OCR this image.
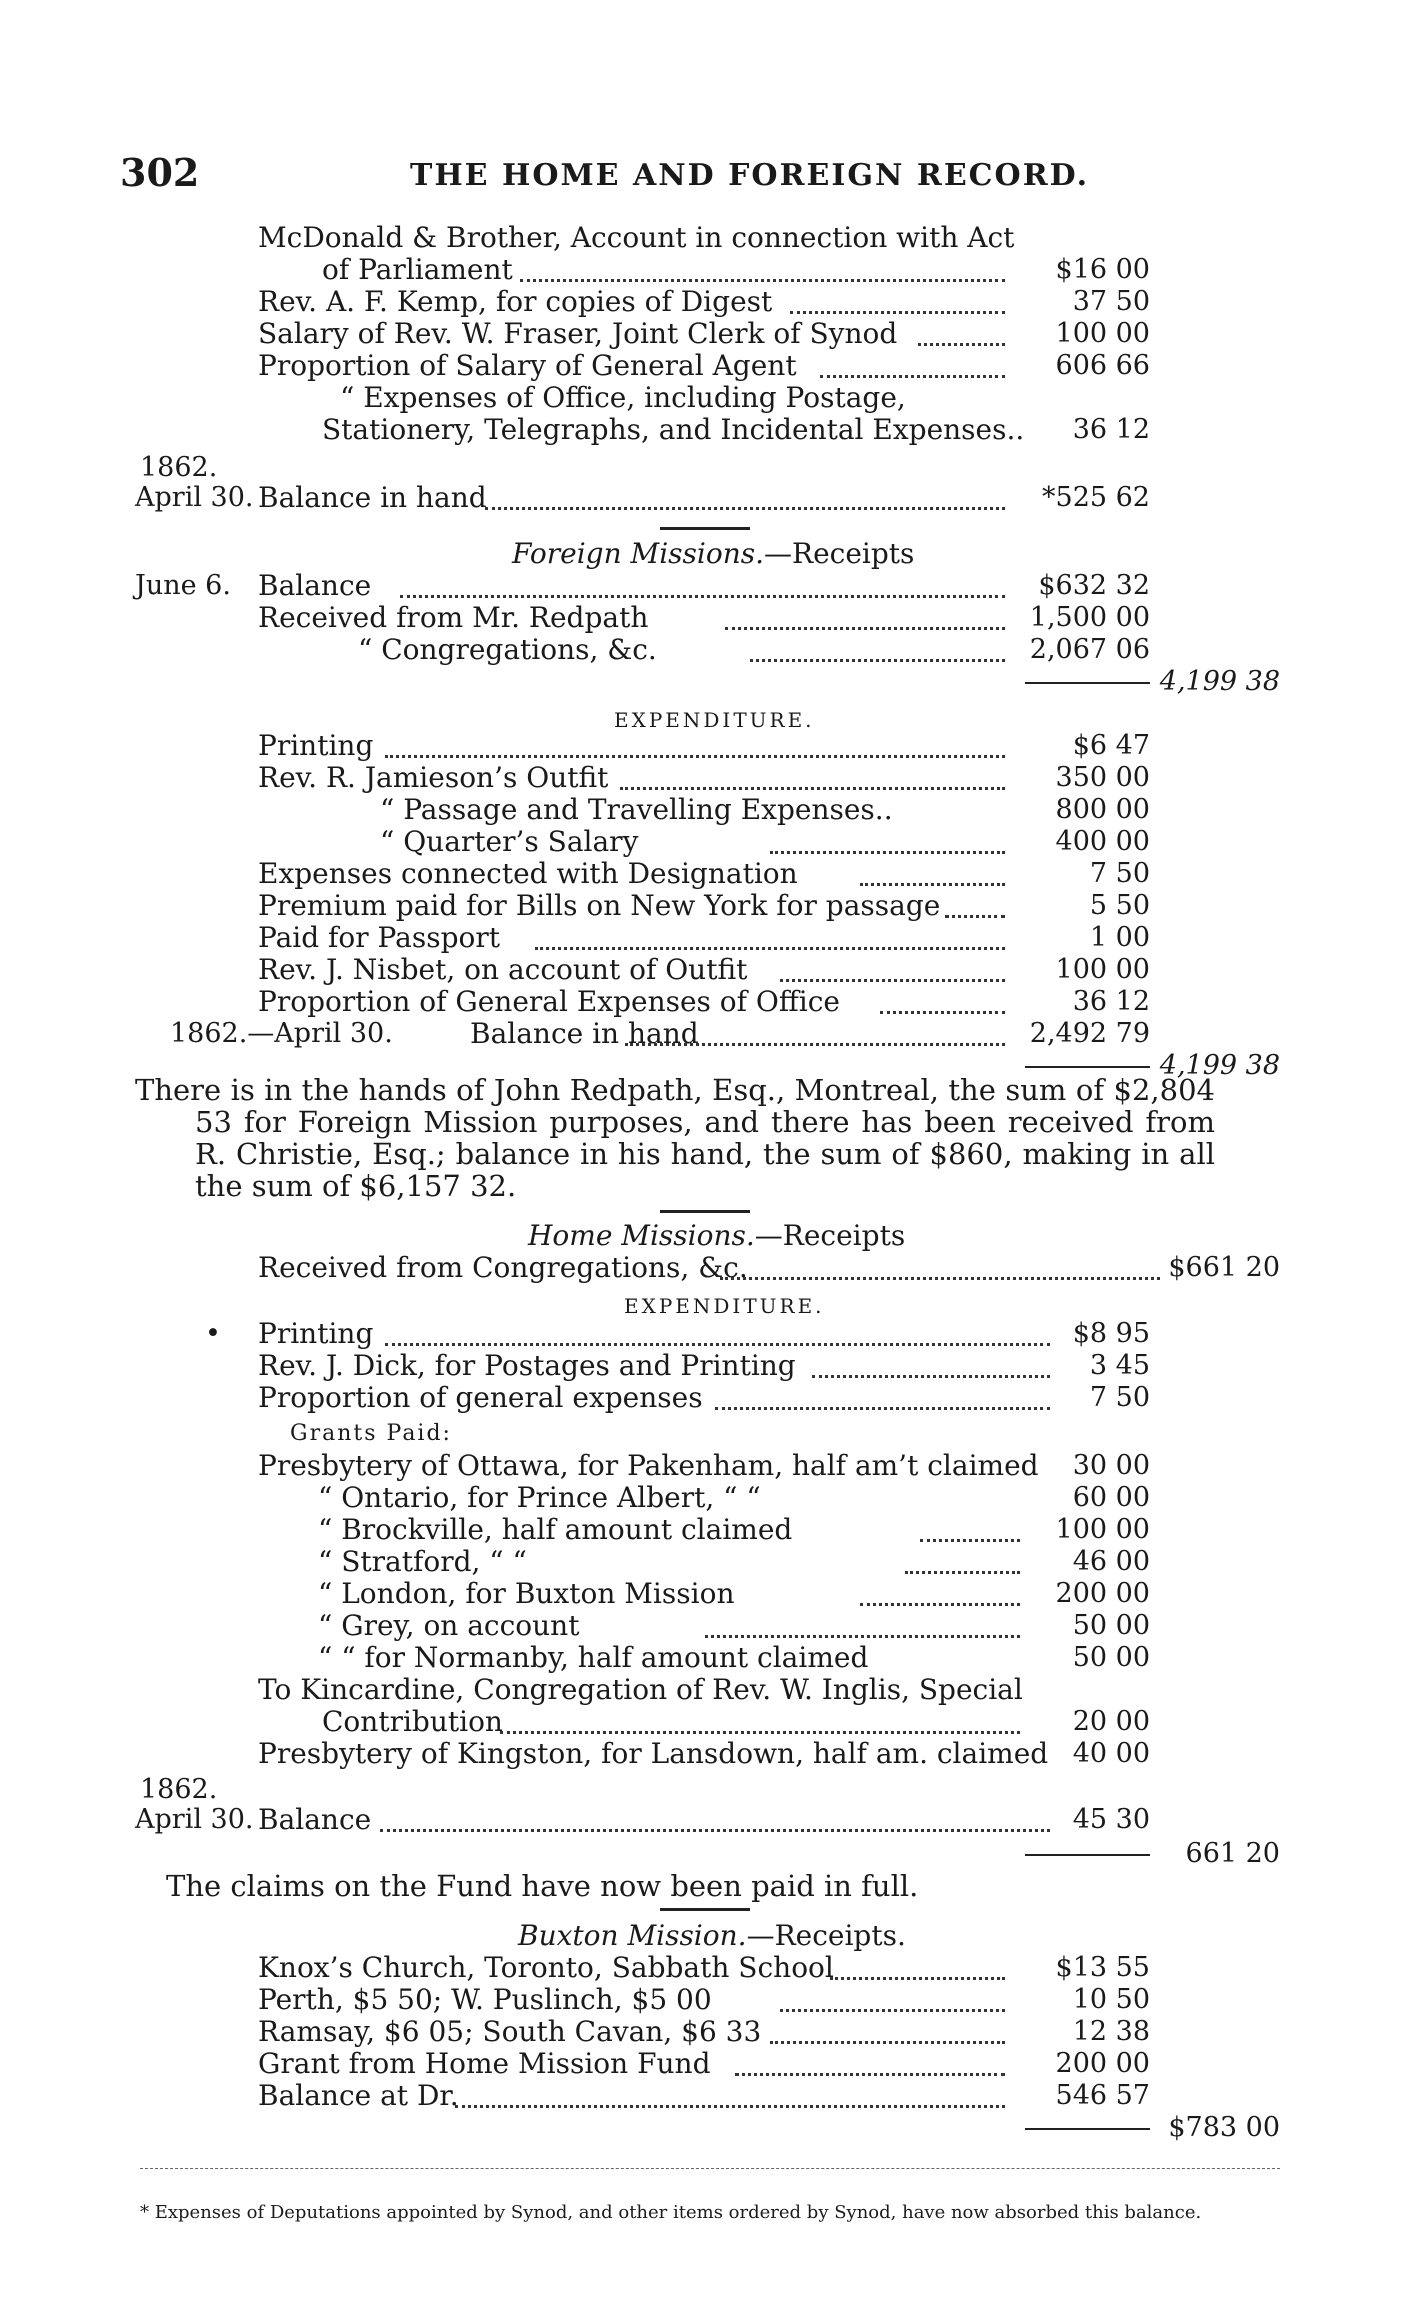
302	THE HOME AND FOREIGN RECORD.
McDonald & Brother, Account in connection with Act
of Parliament	$16 00
Rev. A. F. Kemp, for copies of Digest	37 50
Salary of Rev. W. Fraser, Joint Clerk of Synod	100 00
Proportion of Salary of General Agent	606 66
“ Expenses of Office, including Postage,
Stationery, Telegraphs, and Incidental Expenses..	36 12
1862.
April 30. Balance in hand	*525 62
Foreign Missions.—Receipts
June 6. Balance	$632 32
Received from Mr. Redpath	1,500 00
“ Congregations, &c.	2,067 06
4,199 38
EXPENDITURE.
Printing	$6 47
Rev. R. Jamieson’s Outfit	350 00
“ Passage and Travelling Expenses..	800 00
“ Quarter’s Salary	400 00
Expenses connected with Designation	7 50
Premium paid for Bills on New York for passage	5 50
Paid for Passport	1 00
Rev. J. Nisbet, on account of Outfit	100 00
Proportion of General Expenses of Office	36 12
1862.—April 30.	Balance in hand	2,492 79
4,199 38
There is in the hands of John Redpath, Esq., Montreal, the sum of $2,804 53 for Foreign Mission purposes, and there has been received from R. Christie, Esq.; balance in his hand, the sum of $860, making in all the sum of $6,157 32.
Home Missions.—Receipts
Received from Congregations, &c.	$661 20
EXPENDITURE.
• Printing	$8 95
Rev. J. Dick, for Postages and Printing	3 45
Proportion of general expenses	7 50
Grants Paid:
Presbytery of Ottawa, for Pakenham, half am’t claimed	30 00
“ Ontario, for Prince Albert, “ “	60 00
“ Brockville, half amount claimed	100 00
“ Stratford, “ “	46 00
“ London, for Buxton Mission	200 00
“ Grey, on account	50 00
“ “ for Normanby, half amount claimed	50 00
To Kincardine, Congregation of Rev. W. Inglis, Special
Contribution	20 00
Presbytery of Kingston, for Lansdown, half am. claimed 40 00
1862.
April 30. Balance	45 30
661 20
The claims on the Fund have now been paid in full.
Buxton Mission.—Receipts.
Knox’s Church, Toronto, Sabbath School	$13 55
Perth, $5 50; W. Puslinch, $5 00	10 50
Ramsay, $6 05; South Cavan, $6 33	12 38
Grant from Home Mission Fund	200 00
Balance at Dr.	546 57
$783 00
* Expenses of Deputations appointed by Synod, and other items ordered by Synod, have now absorbed this balance.
